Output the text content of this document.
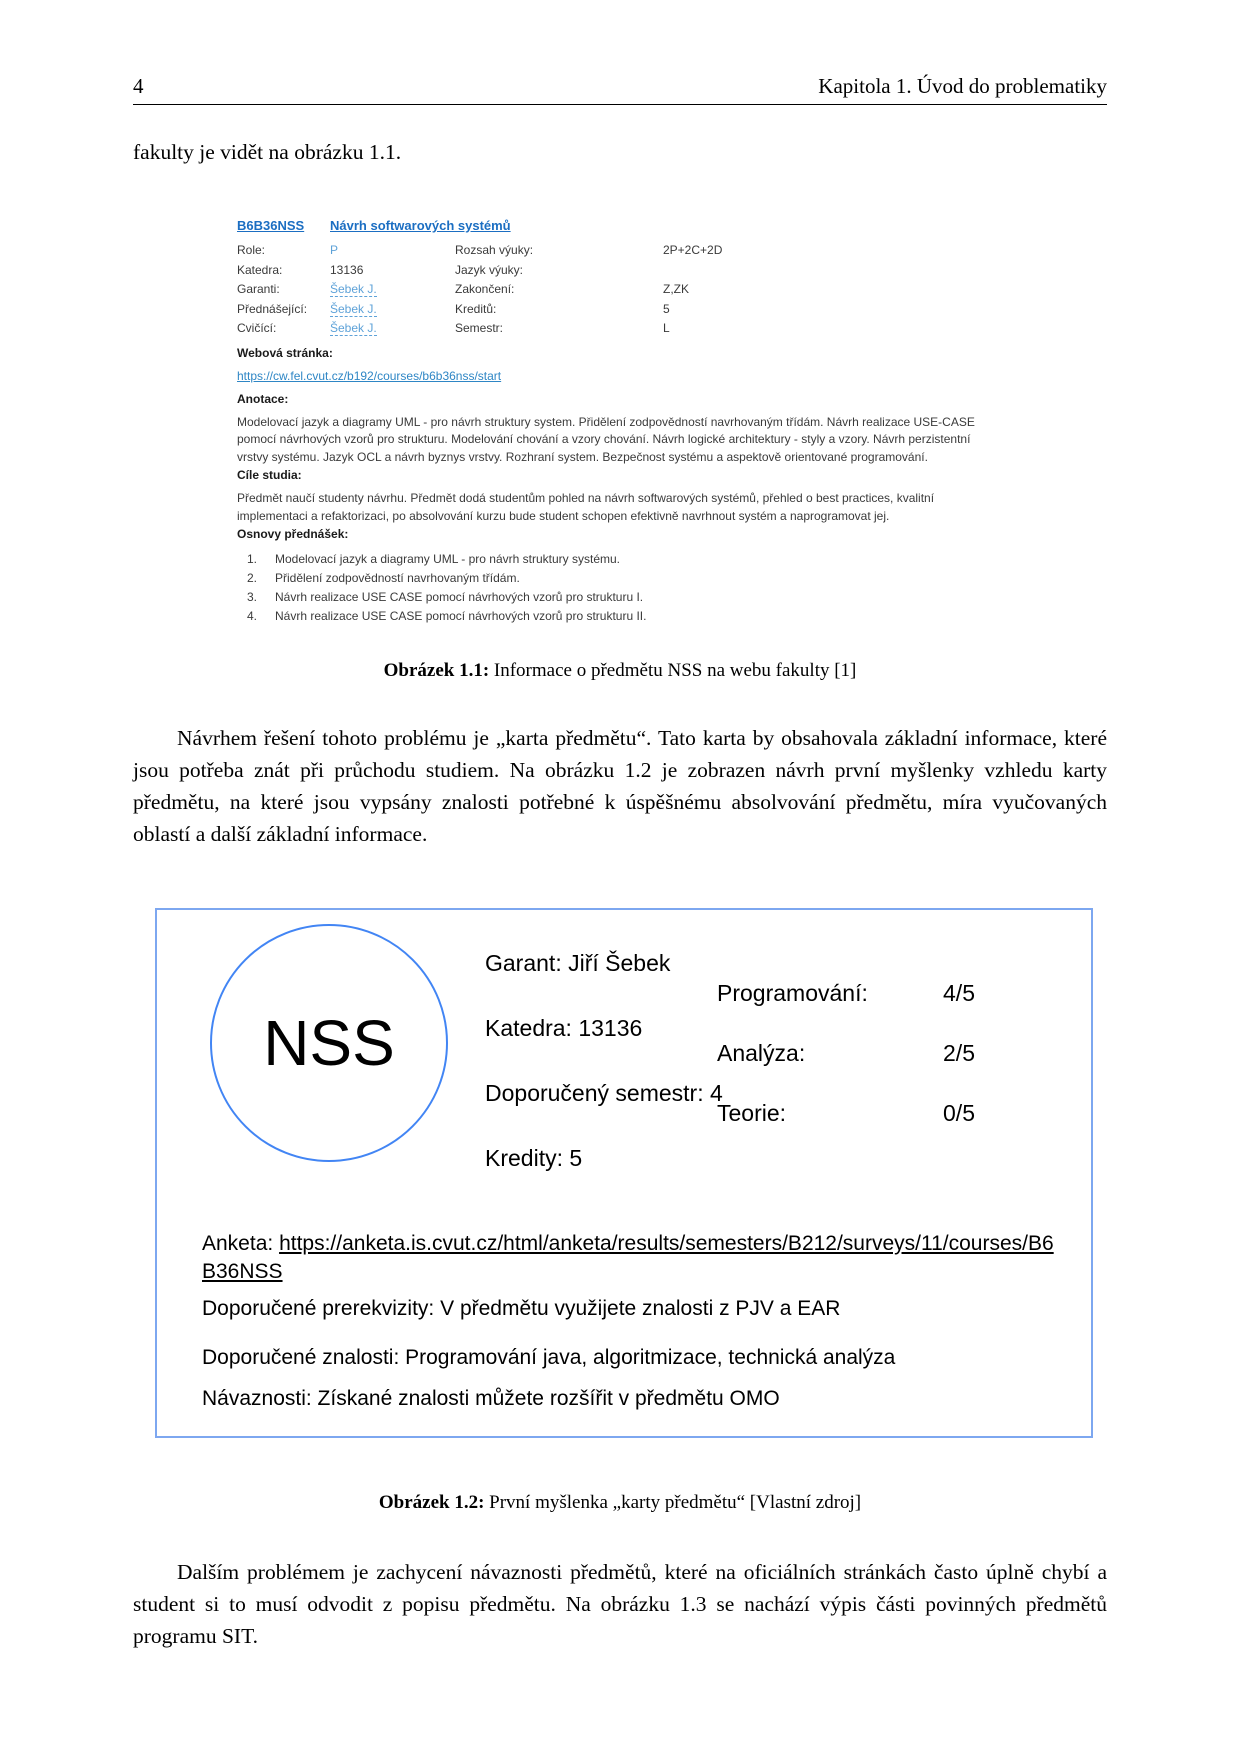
4	Kapitola 1. Úvod do problematiky
fakulty je vidět na obrázku 1.1.
B6B36NSS	Návrh softwarových systémů
Role:	P	Rozsah výuky:	2P+2C+2D
Katedra:	13136	Jazyk výuky:
Garanti:	Šebek J.	Zakončení:	Z,ZK
Přednášející:	Šebek J.	Kreditů:	5
Cvičící:	Šebek J.	Semestr:	L
Webová stránka:
https://cw.fel.cvut.cz/b192/courses/b6b36nss/start
Anotace:
Modelovací jazyk a diagramy UML - pro návrh struktury system. Přidělení zodpovědností navrhovaným třídám. Návrh realizace USE-CASE pomocí návrhových vzorů pro strukturu. Modelování chování a vzory chování. Návrh logické architektury - styly a vzory. Návrh perzistentní vrstvy systému. Jazyk OCL a návrh byznys vrstvy. Rozhraní system. Bezpečnost systému a aspektově orientované programování.
Cíle studia:
Předmět naučí studenty návrhu. Předmět dodá studentům pohled na návrh softwarových systémů, přehled o best practices, kvalitní implementaci a refaktorizaci, po absolvování kurzu bude student schopen efektivně navrhnout systém a naprogramovat jej.
Osnovy přednášek:
1.	Modelovací jazyk a diagramy UML - pro návrh struktury systému.
2.	Přidělení zodpovědností navrhovaným třídám.
3.	Návrh realizace USE CASE pomocí návrhových vzorů pro strukturu I.
4.	Návrh realizace USE CASE pomocí návrhových vzorů pro strukturu II.
Obrázek 1.1: Informace o předmětu NSS na webu fakulty [1]
Návrhem řešení tohoto problému je „karta předmětu“. Tato karta by obsahovala základní informace, které jsou potřeba znát při průchodu studiem. Na obrázku 1.2 je zobrazen návrh první myšlenky vzhledu karty předmětu, na které jsou vypsány znalosti potřebné k úspěšnému absolvování předmětu, míra vyučovaných oblastí a další základní informace.
NSS
Garant: Jiří Šebek
Katedra: 13136
Doporučený semestr: 4
Kredity: 5
Programování:	4/5
Analýza:	2/5
Teorie:	0/5
Anketa: https://anketa.is.cvut.cz/html/anketa/results/semesters/B212/surveys/11/courses/B6B36NSS
Doporučené prerekvizity: V předmětu využijete znalosti z PJV a EAR
Doporučené znalosti: Programování java, algoritmizace, technická analýza
Návaznosti: Získané znalosti můžete rozšířit v předmětu OMO
Obrázek 1.2: První myšlenka „karty předmětu“ [Vlastní zdroj]
Dalším problémem je zachycení návaznosti předmětů, které na oficiálních stránkách často úplně chybí a student si to musí odvodit z popisu předmětu. Na obrázku 1.3 se nachází výpis části povinných předmětů programu SIT.
